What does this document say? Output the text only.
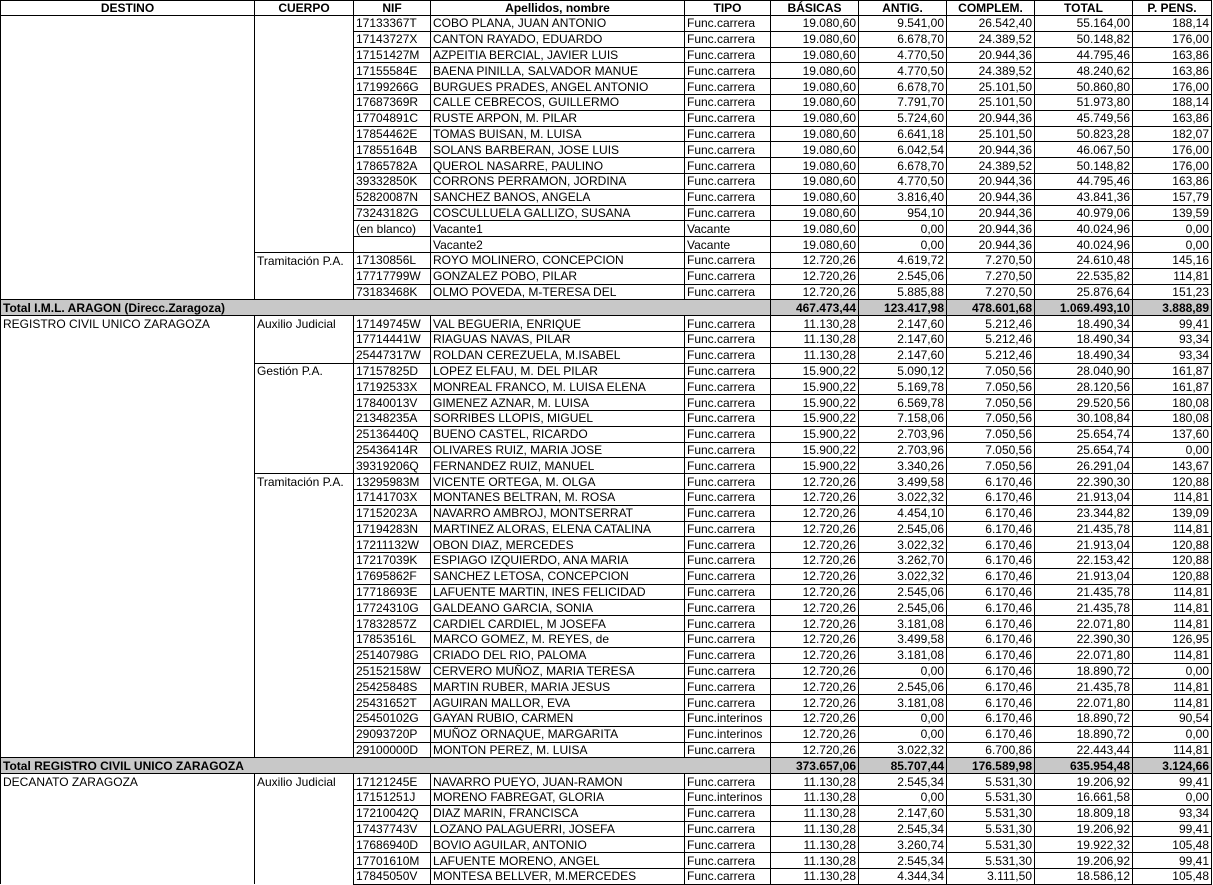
DESTINO	CUERPO	NIF	Apellidos, nombre	TIPO	BÁSICAS	ANTIG.	COMPLEM.	TOTAL	P. PENS.
		17133367T	COBO PLANA, JUAN ANTONIO	Func.carrera	19.080,60	9.541,00	26.542,40	55.164,00	188,14
		17143727X	CANTON RAYADO, EDUARDO	Func.carrera	19.080,60	6.678,70	24.389,52	50.148,82	176,00
		17151427M	AZPEITIA BERCIAL, JAVIER LUIS	Func.carrera	19.080,60	4.770,50	20.944,36	44.795,46	163,86
		17155584E	BAENA PINILLA, SALVADOR MANUE	Func.carrera	19.080,60	4.770,50	24.389,52	48.240,62	163,86
		17199266G	BURGUES PRADES, ANGEL ANTONIO	Func.carrera	19.080,60	6.678,70	25.101,50	50.860,80	176,00
		17687369R	CALLE CEBRECOS, GUILLERMO	Func.carrera	19.080,60	7.791,70	25.101,50	51.973,80	188,14
		17704891C	RUSTE ARPON, M. PILAR	Func.carrera	19.080,60	5.724,60	20.944,36	45.749,56	163,86
		17854462E	TOMAS BUISAN, M. LUISA	Func.carrera	19.080,60	6.641,18	25.101,50	50.823,28	182,07
		17855164B	SOLANS BARBERAN, JOSE LUIS	Func.carrera	19.080,60	6.042,54	20.944,36	46.067,50	176,00
		17865782A	QUEROL NASARRE, PAULINO	Func.carrera	19.080,60	6.678,70	24.389,52	50.148,82	176,00
		39332850K	CORRONS PERRAMON, JORDINA	Func.carrera	19.080,60	4.770,50	20.944,36	44.795,46	163,86
		52820087N	SANCHEZ BANOS, ANGELA	Func.carrera	19.080,60	3.816,40	20.944,36	43.841,36	157,79
		73243182G	COSCULLUELA GALLIZO, SUSANA	Func.carrera	19.080,60	954,10	20.944,36	40.979,06	139,59
		(en blanco)	Vacante1	Vacante	19.080,60	0,00	20.944,36	40.024,96	0,00
			Vacante2	Vacante	19.080,60	0,00	20.944,36	40.024,96	0,00
	Tramitación P.A.	17130856L	ROYO MOLINERO, CONCEPCION	Func.carrera	12.720,26	4.619,72	7.270,50	24.610,48	145,16
		17717799W	GONZALEZ POBO, PILAR	Func.carrera	12.720,26	2.545,06	7.270,50	22.535,82	114,81
		73183468K	OLMO POVEDA, M-TERESA DEL	Func.carrera	12.720,26	5.885,88	7.270,50	25.876,64	151,23
Total I.M.L. ARAGON (Direcc.Zaragoza)					467.473,44	123.417,98	478.601,68	1.069.493,10	3.888,89
REGISTRO CIVIL UNICO ZARAGOZA	Auxilio Judicial	17149745W	VAL BEGUERIA, ENRIQUE	Func.carrera	11.130,28	2.147,60	5.212,46	18.490,34	99,41
		17714441W	RIAGUAS NAVAS, PILAR	Func.carrera	11.130,28	2.147,60	5.212,46	18.490,34	93,34
		25447317W	ROLDAN CEREZUELA, M.ISABEL	Func.carrera	11.130,28	2.147,60	5.212,46	18.490,34	93,34
	Gestión P.A.	17157825D	LOPEZ ELFAU, M. DEL PILAR	Func.carrera	15.900,22	5.090,12	7.050,56	28.040,90	161,87
		17192533X	MONREAL FRANCO, M. LUISA ELENA	Func.carrera	15.900,22	5.169,78	7.050,56	28.120,56	161,87
		17840013V	GIMENEZ AZNAR, M. LUISA	Func.carrera	15.900,22	6.569,78	7.050,56	29.520,56	180,08
		21348235A	SORRIBES LLOPIS, MIGUEL	Func.carrera	15.900,22	7.158,06	7.050,56	30.108,84	180,08
		25136440Q	BUENO CASTEL, RICARDO	Func.carrera	15.900,22	2.703,96	7.050,56	25.654,74	137,60
		25436414R	OLIVARES RUIZ, MARIA JOSE	Func.carrera	15.900,22	2.703,96	7.050,56	25.654,74	0,00
		39319206Q	FERNANDEZ RUIZ, MANUEL	Func.carrera	15.900,22	3.340,26	7.050,56	26.291,04	143,67
	Tramitación P.A.	13295983M	VICENTE ORTEGA, M. OLGA	Func.carrera	12.720,26	3.499,58	6.170,46	22.390,30	120,88
		17141703X	MONTANES BELTRAN, M. ROSA	Func.carrera	12.720,26	3.022,32	6.170,46	21.913,04	114,81
		17152023A	NAVARRO AMBROJ, MONTSERRAT	Func.carrera	12.720,26	4.454,10	6.170,46	23.344,82	139,09
		17194283N	MARTINEZ ALORAS, ELENA CATALINA	Func.carrera	12.720,26	2.545,06	6.170,46	21.435,78	114,81
		17211132W	OBON DIAZ, MERCEDES	Func.carrera	12.720,26	3.022,32	6.170,46	21.913,04	120,88
		17217039K	ESPIAGO IZQUIERDO, ANA MARIA	Func.carrera	12.720,26	3.262,70	6.170,46	22.153,42	120,88
		17695862F	SANCHEZ LETOSA, CONCEPCION	Func.carrera	12.720,26	3.022,32	6.170,46	21.913,04	120,88
		17718693E	LAFUENTE MARTIN, INES FELICIDAD	Func.carrera	12.720,26	2.545,06	6.170,46	21.435,78	114,81
		17724310G	GALDEANO GARCIA, SONIA	Func.carrera	12.720,26	2.545,06	6.170,46	21.435,78	114,81
		17832857Z	CARDIEL CARDIEL, M JOSEFA	Func.carrera	12.720,26	3.181,08	6.170,46	22.071,80	114,81
		17853516L	MARCO GOMEZ, M. REYES, de	Func.carrera	12.720,26	3.499,58	6.170,46	22.390,30	126,95
		25140798G	CRIADO DEL RIO, PALOMA	Func.carrera	12.720,26	3.181,08	6.170,46	22.071,80	114,81
		25152158W	CERVERO MUÑOZ, MARIA TERESA	Func.carrera	12.720,26	0,00	6.170,46	18.890,72	0,00
		25425848S	MARTIN RUBER, MARIA JESUS	Func.carrera	12.720,26	2.545,06	6.170,46	21.435,78	114,81
		25431652T	AGUIRAN MALLOR, EVA	Func.carrera	12.720,26	3.181,08	6.170,46	22.071,80	114,81
		25450102G	GAYAN RUBIO, CARMEN	Func.interinos	12.720,26	0,00	6.170,46	18.890,72	90,54
		29093720P	MUÑOZ ORNAQUE, MARGARITA	Func.interinos	12.720,26	0,00	6.170,46	18.890,72	0,00
		29100000D	MONTON PEREZ, M. LUISA	Func.carrera	12.720,26	3.022,32	6.700,86	22.443,44	114,81
Total REGISTRO CIVIL UNICO ZARAGOZA					373.657,06	85.707,44	176.589,98	635.954,48	3.124,66
DECANATO ZARAGOZA	Auxilio Judicial	17121245E	NAVARRO PUEYO, JUAN-RAMON	Func.carrera	11.130,28	2.545,34	5.531,30	19.206,92	99,41
		17151251J	MORENO FABREGAT, GLORIA	Func.interinos	11.130,28	0,00	5.531,30	16.661,58	0,00
		17210042Q	DIAZ MARIN, FRANCISCA	Func.carrera	11.130,28	2.147,60	5.531,30	18.809,18	93,34
		17437743V	LOZANO PALAGUERRI, JOSEFA	Func.carrera	11.130,28	2.545,34	5.531,30	19.206,92	99,41
		17686940D	BOVIO AGUILAR, ANTONIO	Func.carrera	11.130,28	3.260,74	5.531,30	19.922,32	105,48
		17701610M	LAFUENTE MORENO, ANGEL	Func.carrera	11.130,28	2.545,34	5.531,30	19.206,92	99,41
		17845050V	MONTESA BELLVER, M.MERCEDES	Func.carrera	11.130,28	4.344,34	3.111,50	18.586,12	105,48
